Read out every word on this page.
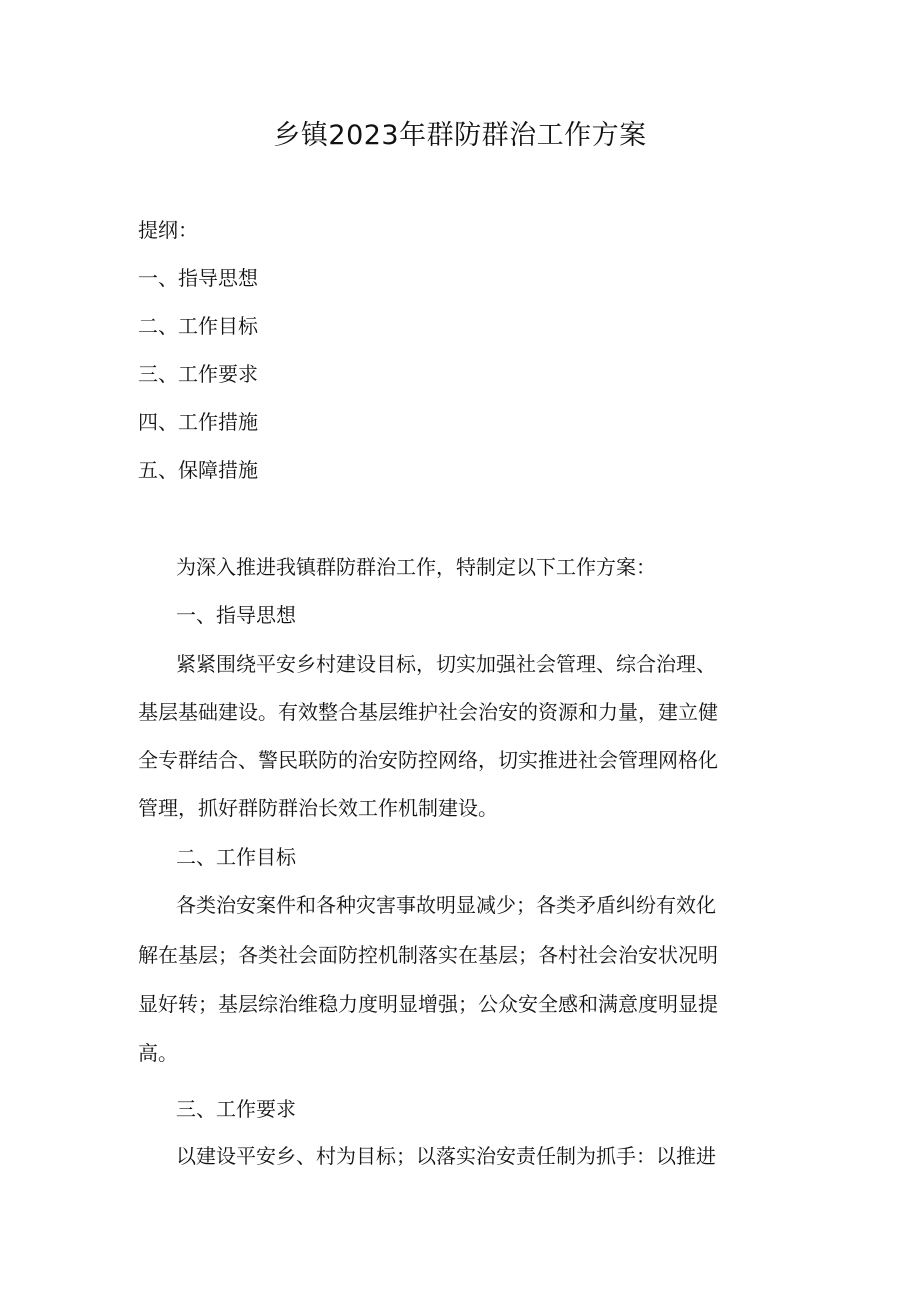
乡镇2023年群防群治工作方案
提纲：
一、指导思想
二、工作目标
三、工作要求
四、工作措施
五、保障措施
为深入推进我镇群防群治工作，特制定以下工作方案：
一、指导思想
紧紧围绕平安乡村建设目标，切实加强社会管理、综合治理、
基层基础建设。有效整合基层维护社会治安的资源和力量，建立健
全专群结合、警民联防的治安防控网络，切实推进社会管理网格化
管理，抓好群防群治长效工作机制建设。
二、工作目标
各类治安案件和各种灾害事故明显减少；各类矛盾纠纷有效化
解在基层；各类社会面防控机制落实在基层；各村社会治安状况明
显好转；基层综治维稳力度明显增强；公众安全感和满意度明显提
高。
三、工作要求
以建设平安乡、村为目标；以落实治安责任制为抓手：以推进
